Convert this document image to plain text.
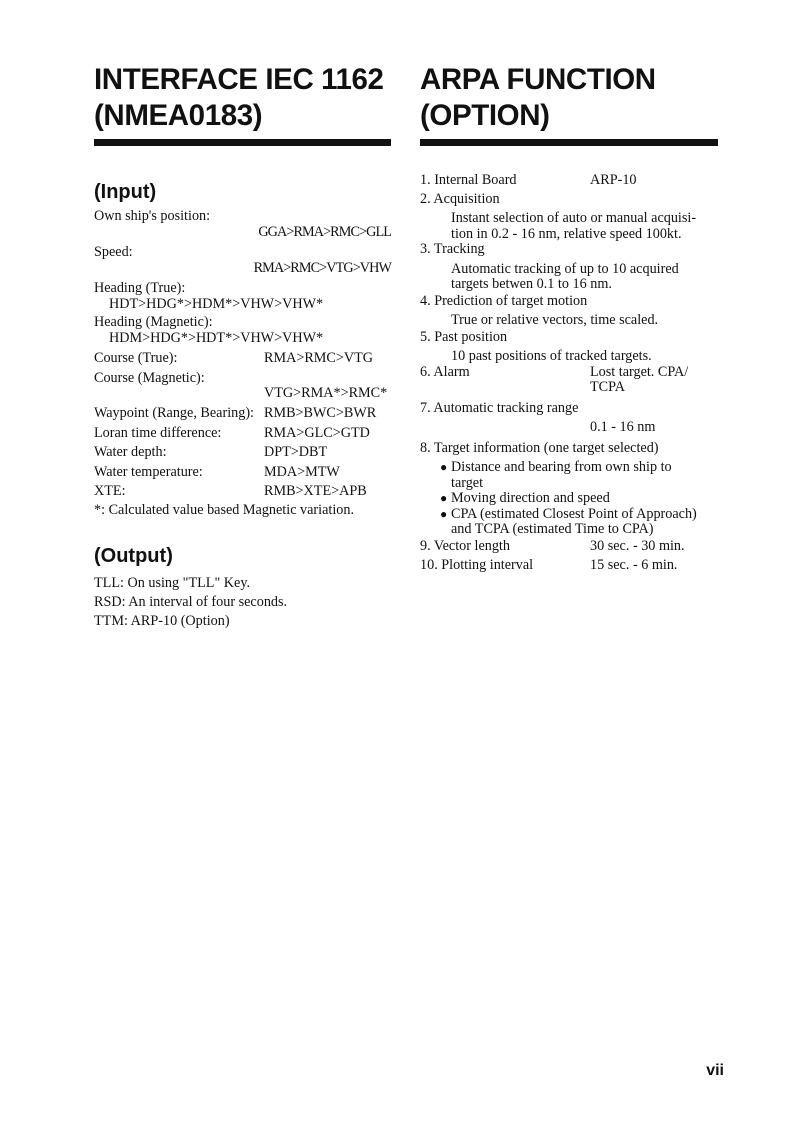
INTERFACE IEC 1162
(NMEA0183)
(Input)
Own ship's position:
GGA>RMA>RMC>GLL
Speed:
RMA>RMC>VTG>VHW
Heading (True):
HDT>HDG*>HDM*>VHW>VHW*
Heading (Magnetic):
HDM>HDG*>HDT*>VHW>VHW*
Course (True):	RMA>RMC>VTG
Course (Magnetic):
VTG>RMA*>RMC*
Waypoint (Range, Bearing): RMB>BWC>BWR
Loran time difference:	RMA>GLC>GTD
Water depth:	DPT>DBT
Water temperature:	MDA>MTW
XTE:	RMB>XTE>APB
*: Calculated value based Magnetic variation.
(Output)
TLL: On using "TLL" Key.
RSD: An interval of four seconds.
TTM: ARP-10 (Option)
ARPA FUNCTION
(OPTION)
1. Internal Board	ARP-10
2. Acquisition
Instant selection of auto or manual acquisi-
tion in 0.2 - 16 nm, relative speed 100kt.
3. Tracking
Automatic tracking of up to 10 acquired
targets betwen 0.1 to 16 nm.
4. Prediction of target motion
True or relative vectors, time scaled.
5. Past position
10 past positions of tracked targets.
6. Alarm	Lost target. CPA/
TCPA
7. Automatic tracking range
0.1 - 16 nm
8. Target information (one target selected)
● Distance and bearing from own ship to
target
● Moving direction and speed
● CPA (estimated Closest Point of Approach)
and TCPA (estimated Time to CPA)
9. Vector length	30 sec. - 30 min.
10. Plotting interval	15 sec. - 6 min.
vii
